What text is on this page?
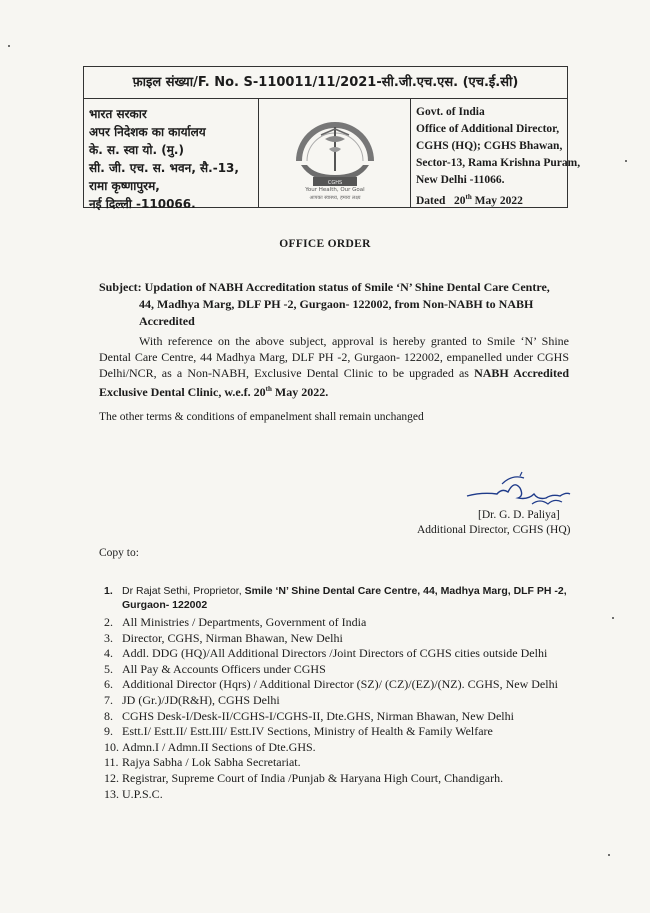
फ़ाइल संख्या/F. No. S-110011/11/2021-सी.जी.एच.एस. (एच.ई.सी)
भारत सरकार
अपर निदेशक का कार्यालय
के. स. स्वा यो. (मु.)
सी. जी. एच. स. भवन, सै.-13,
रामा कृष्णापुरम,
नई दिल्ली -110066.
CGHS
Your Health, Our Goal
आपका स्वास्थ्य, हमारा लक्ष्य
Govt. of India
Office of Additional Director,
CGHS (HQ); CGHS Bhawan,
Sector-13, Rama Krishna Puram,
New Delhi -11066.
Dated 20th May 2022
OFFICE ORDER
Subject: Updation of NABH Accreditation status of Smile ‘N’ Shine Dental Care Centre,
44, Madhya Marg, DLF PH -2, Gurgaon- 122002, from Non-NABH to NABH
Accredited
With reference on the above subject, approval is hereby granted to Smile ‘N’ Shine Dental Care Centre, 44 Madhya Marg, DLF PH -2, Gurgaon- 122002, empanelled under CGHS Delhi/NCR, as a Non-NABH, Exclusive Dental Clinic to be upgraded as NABH Accredited Exclusive Dental Clinic, w.e.f. 20th May 2022.
The other terms & conditions of empanelment shall remain unchanged
[Dr. G. D. Paliya]
Additional Director, CGHS (HQ)
Copy to:
1. Dr Rajat Sethi, Proprietor, Smile ‘N’ Shine Dental Care Centre, 44, Madhya Marg, DLF PH -2, Gurgaon- 122002
2. All Ministries / Departments, Government of India
3. Director, CGHS, Nirman Bhawan, New Delhi
4. Addl. DDG (HQ)/All Additional Directors /Joint Directors of CGHS cities outside Delhi
5. All Pay & Accounts Officers under CGHS
6. Additional Director (Hqrs) / Additional Director (SZ)/ (CZ)/(EZ)/(NZ). CGHS, New Delhi
7. JD (Gr.)/JD(R&H), CGHS Delhi
8. CGHS Desk-I/Desk-II/CGHS-I/CGHS-II, Dte.GHS, Nirman Bhawan, New Delhi
9. Estt.I/ Estt.II/ Estt.III/ Estt.IV Sections, Ministry of Health & Family Welfare
10. Admn.I / Admn.II Sections of Dte.GHS.
11. Rajya Sabha / Lok Sabha Secretariat.
12. Registrar, Supreme Court of India /Punjab & Haryana High Court, Chandigarh.
13. U.P.S.C.
